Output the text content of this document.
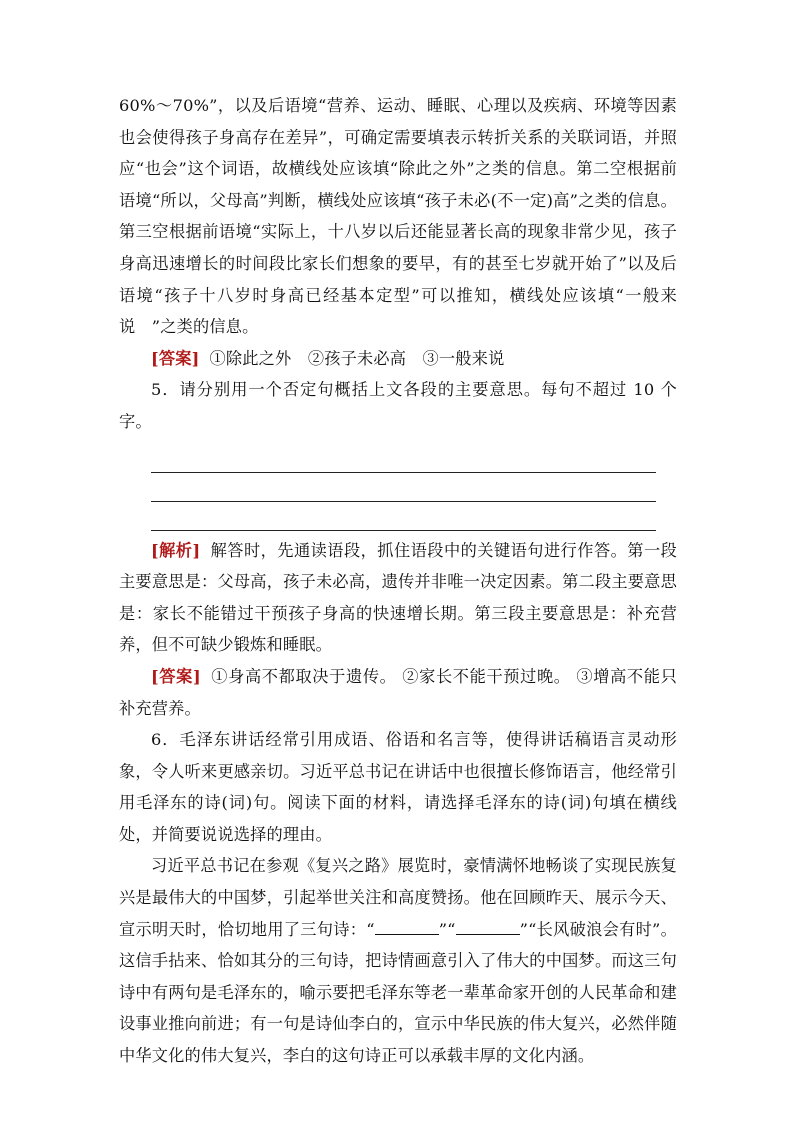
60%～70%”，以及后语境“营养、运动、睡眠、心理以及疾病、环境等因素也会使得孩子身高存在差异”，可确定需要填表示转折关系的关联词语，并照应“也会”这个词语，故横线处应该填“除此之外”之类的信息。第二空根据前语境“所以，父母高”判断，横线处应该填“孩子未必(不一定)高”之类的信息。第三空根据前语境“实际上，十八岁以后还能显著长高的现象非常少见，孩子身高迅速增长的时间段比家长们想象的要早，有的甚至七岁就开始了”以及后语境“孩子十八岁时身高已经基本定型”可以推知，横线处应该填“一般来说　”之类的信息。

[答案] ①除此之外　②孩子未必高　③一般来说

5．请分别用一个否定句概括上文各段的主要意思。每句不超过 10 个字。

[解析] 解答时，先通读语段，抓住语段中的关键语句进行作答。第一段主要意思是：父母高，孩子未必高，遗传并非唯一决定因素。第二段主要意思是：家长不能错过干预孩子身高的快速增长期。第三段主要意思是：补充营养，但不可缺少锻炼和睡眠。

[答案] ①身高不都取决于遗传。 ②家长不能干预过晚。 ③增高不能只补充营养。

6．毛泽东讲话经常引用成语、俗语和名言等，使得讲话稿语言灵动形象，令人听来更感亲切。习近平总书记在讲话中也很擅长修饰语言，他经常引用毛泽东的诗(词)句。阅读下面的材料，请选择毛泽东的诗(词)句填在横线处，并简要说说选择的理由。

习近平总书记在参观《复兴之路》展览时，豪情满怀地畅谈了实现民族复兴是最伟大的中国梦，引起举世关注和高度赞扬。他在回顾昨天、展示今天、宣示明天时，恰切地用了三句诗：“	”“	”“长风破浪会有时”。这信手拈来、恰如其分的三句诗，把诗情画意引入了伟大的中国梦。而这三句诗中有两句是毛泽东的，喻示要把毛泽东等老一辈革命家开创的人民革命和建设事业推向前进；有一句是诗仙李白的，宣示中华民族的伟大复兴，必然伴随中华文化的伟大复兴，李白的这句诗正可以承载丰厚的文化内涵。
